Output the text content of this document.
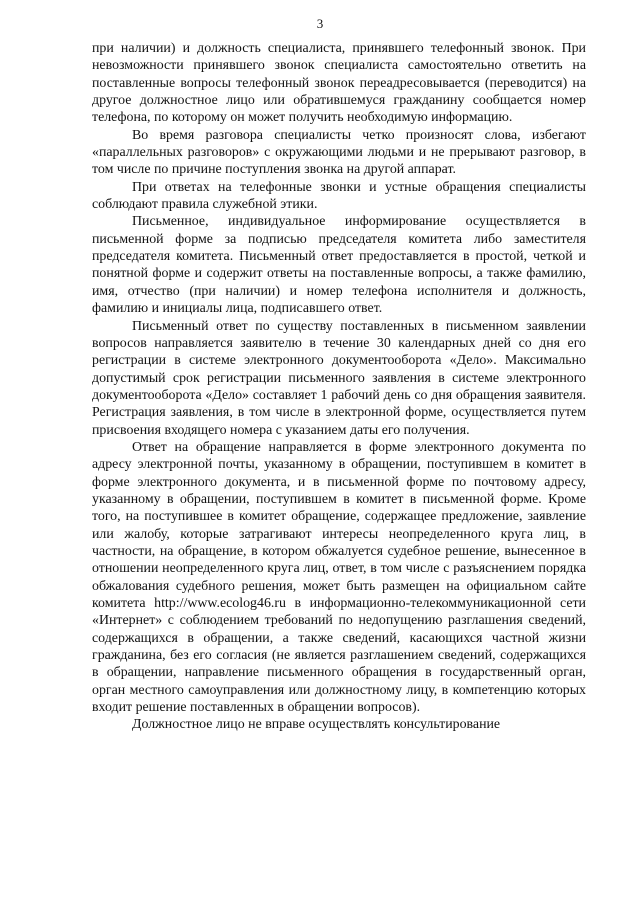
3

при наличии) и должность специалиста, принявшего телефонный звонок. При невозможности принявшего звонок специалиста самостоятельно ответить на поставленные вопросы телефонный звонок переадресовывается (переводится) на другое должностное лицо или обратившемуся гражданину сообщается номер телефона, по которому он может получить необходимую информацию.

Во время разговора специалисты четко произносят слова, избегают «параллельных разговоров» с окружающими людьми и не прерывают разговор, в том числе по причине поступления звонка на другой аппарат.

При ответах на телефонные звонки и устные обращения специалисты соблюдают правила служебной этики.

Письменное, индивидуальное информирование осуществляется в письменной форме за подписью председателя комитета либо заместителя председателя комитета. Письменный ответ предоставляется в простой, четкой и понятной форме и содержит ответы на поставленные вопросы, а также фамилию, имя, отчество (при наличии) и номер телефона исполнителя и должность, фамилию и инициалы лица, подписавшего ответ.

Письменный ответ по существу поставленных в письменном заявлении вопросов направляется заявителю в течение 30 календарных дней со дня его регистрации в системе электронного документооборота «Дело». Максимально допустимый срок регистрации письменного заявления в системе электронного документооборота «Дело» составляет 1 рабочий день со дня обращения заявителя. Регистрация заявления, в том числе в электронной форме, осуществляется путем присвоения входящего номера с указанием даты его получения.

Ответ на обращение направляется в форме электронного документа по адресу электронной почты, указанному в обращении, поступившем в комитет в форме электронного документа, и в письменной форме по почтовому адресу, указанному в обращении, поступившем в комитет в письменной форме. Кроме того, на поступившее в комитет обращение, содержащее предложение, заявление или жалобу, которые затрагивают интересы неопределенного круга лиц, в частности, на обращение, в котором обжалуется судебное решение, вынесенное в отношении неопределенного круга лиц, ответ, в том числе с разъяснением порядка обжалования судебного решения, может быть размещен на официальном сайте комитета http://www.ecolog46.ru в информационно-телекоммуникационной сети «Интернет» с соблюдением требований по недопущению разглашения сведений, содержащихся в обращении, а также сведений, касающихся частной жизни гражданина, без его согласия (не является разглашением сведений, содержащихся в обращении, направление письменного обращения в государственный орган, орган местного самоуправления или должностному лицу, в компетенцию которых входит решение поставленных в обращении вопросов).

Должностное лицо не вправе осуществлять консультирование
